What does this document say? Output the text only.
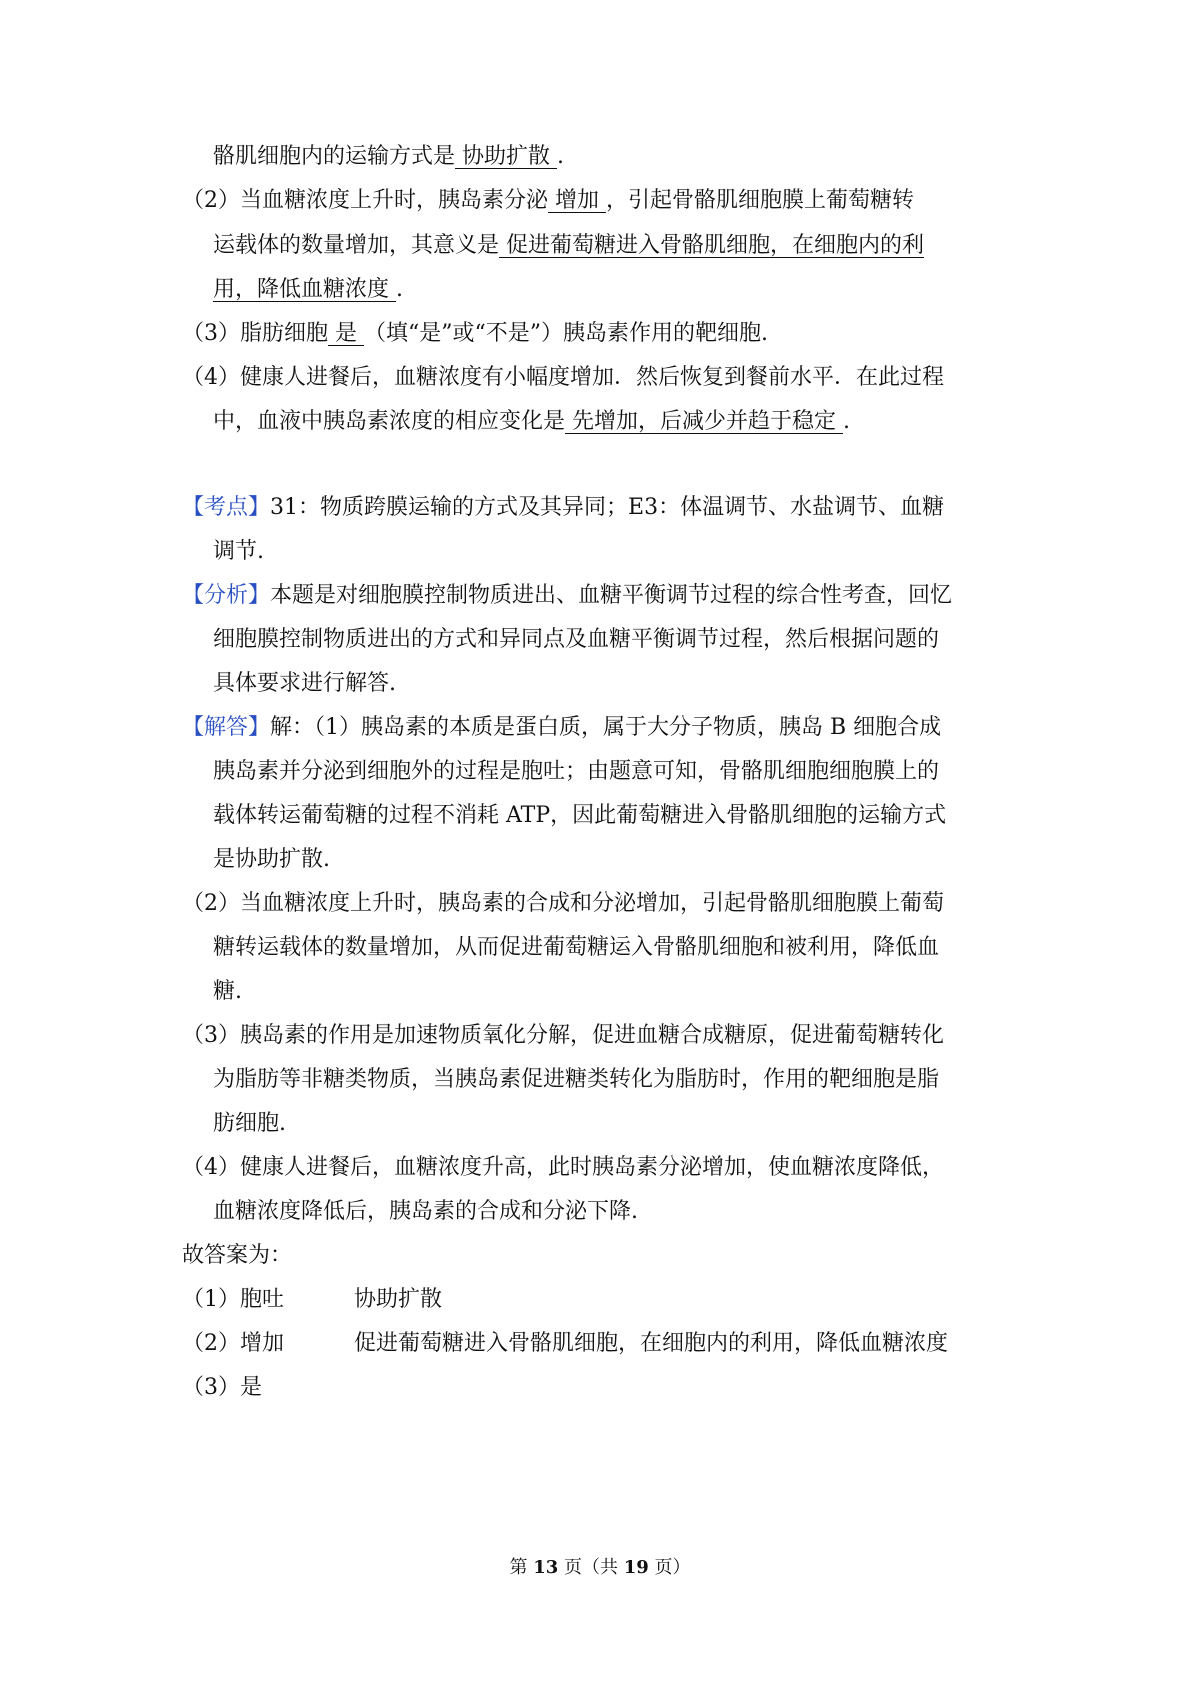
骼肌细胞内的运输方式是 协助扩散 .
（2）当血糖浓度上升时，胰岛素分泌 增加 ，引起骨骼肌细胞膜上葡萄糖转
运载体的数量增加，其意义是 促进葡萄糖进入骨骼肌细胞，在细胞内的利
用，降低血糖浓度 .
（3）脂肪细胞 是 （填“是”或“不是”）胰岛素作用的靶细胞.
（4）健康人进餐后，血糖浓度有小幅度增加．然后恢复到餐前水平．在此过程
中，血液中胰岛素浓度的相应变化是 先增加，后减少并趋于稳定 .
【考点】31：物质跨膜运输的方式及其异同；E3：体温调节、水盐调节、血糖
调节.
【分析】本题是对细胞膜控制物质进出、血糖平衡调节过程的综合性考查，回忆
细胞膜控制物质进出的方式和异同点及血糖平衡调节过程，然后根据问题的
具体要求进行解答.
【解答】解：（1）胰岛素的本质是蛋白质，属于大分子物质，胰岛 B 细胞合成
胰岛素并分泌到细胞外的过程是胞吐；由题意可知，骨骼肌细胞细胞膜上的
载体转运葡萄糖的过程不消耗 ATP，因此葡萄糖进入骨骼肌细胞的运输方式
是协助扩散.
（2）当血糖浓度上升时，胰岛素的合成和分泌增加，引起骨骼肌细胞膜上葡萄
糖转运载体的数量增加，从而促进葡萄糖运入骨骼肌细胞和被利用，降低血
糖.
（3）胰岛素的作用是加速物质氧化分解，促进血糖合成糖原，促进葡萄糖转化
为脂肪等非糖类物质，当胰岛素促进糖类转化为脂肪时，作用的靶细胞是脂
肪细胞.
（4）健康人进餐后，血糖浓度升高，此时胰岛素分泌增加，使血糖浓度降低，
血糖浓度降低后，胰岛素的合成和分泌下降.
故答案为：
（1）胞吐	协助扩散
（2）增加	促进葡萄糖进入骨骼肌细胞，在细胞内的利用，降低血糖浓度
（3）是
第 13 页（共 19 页）
